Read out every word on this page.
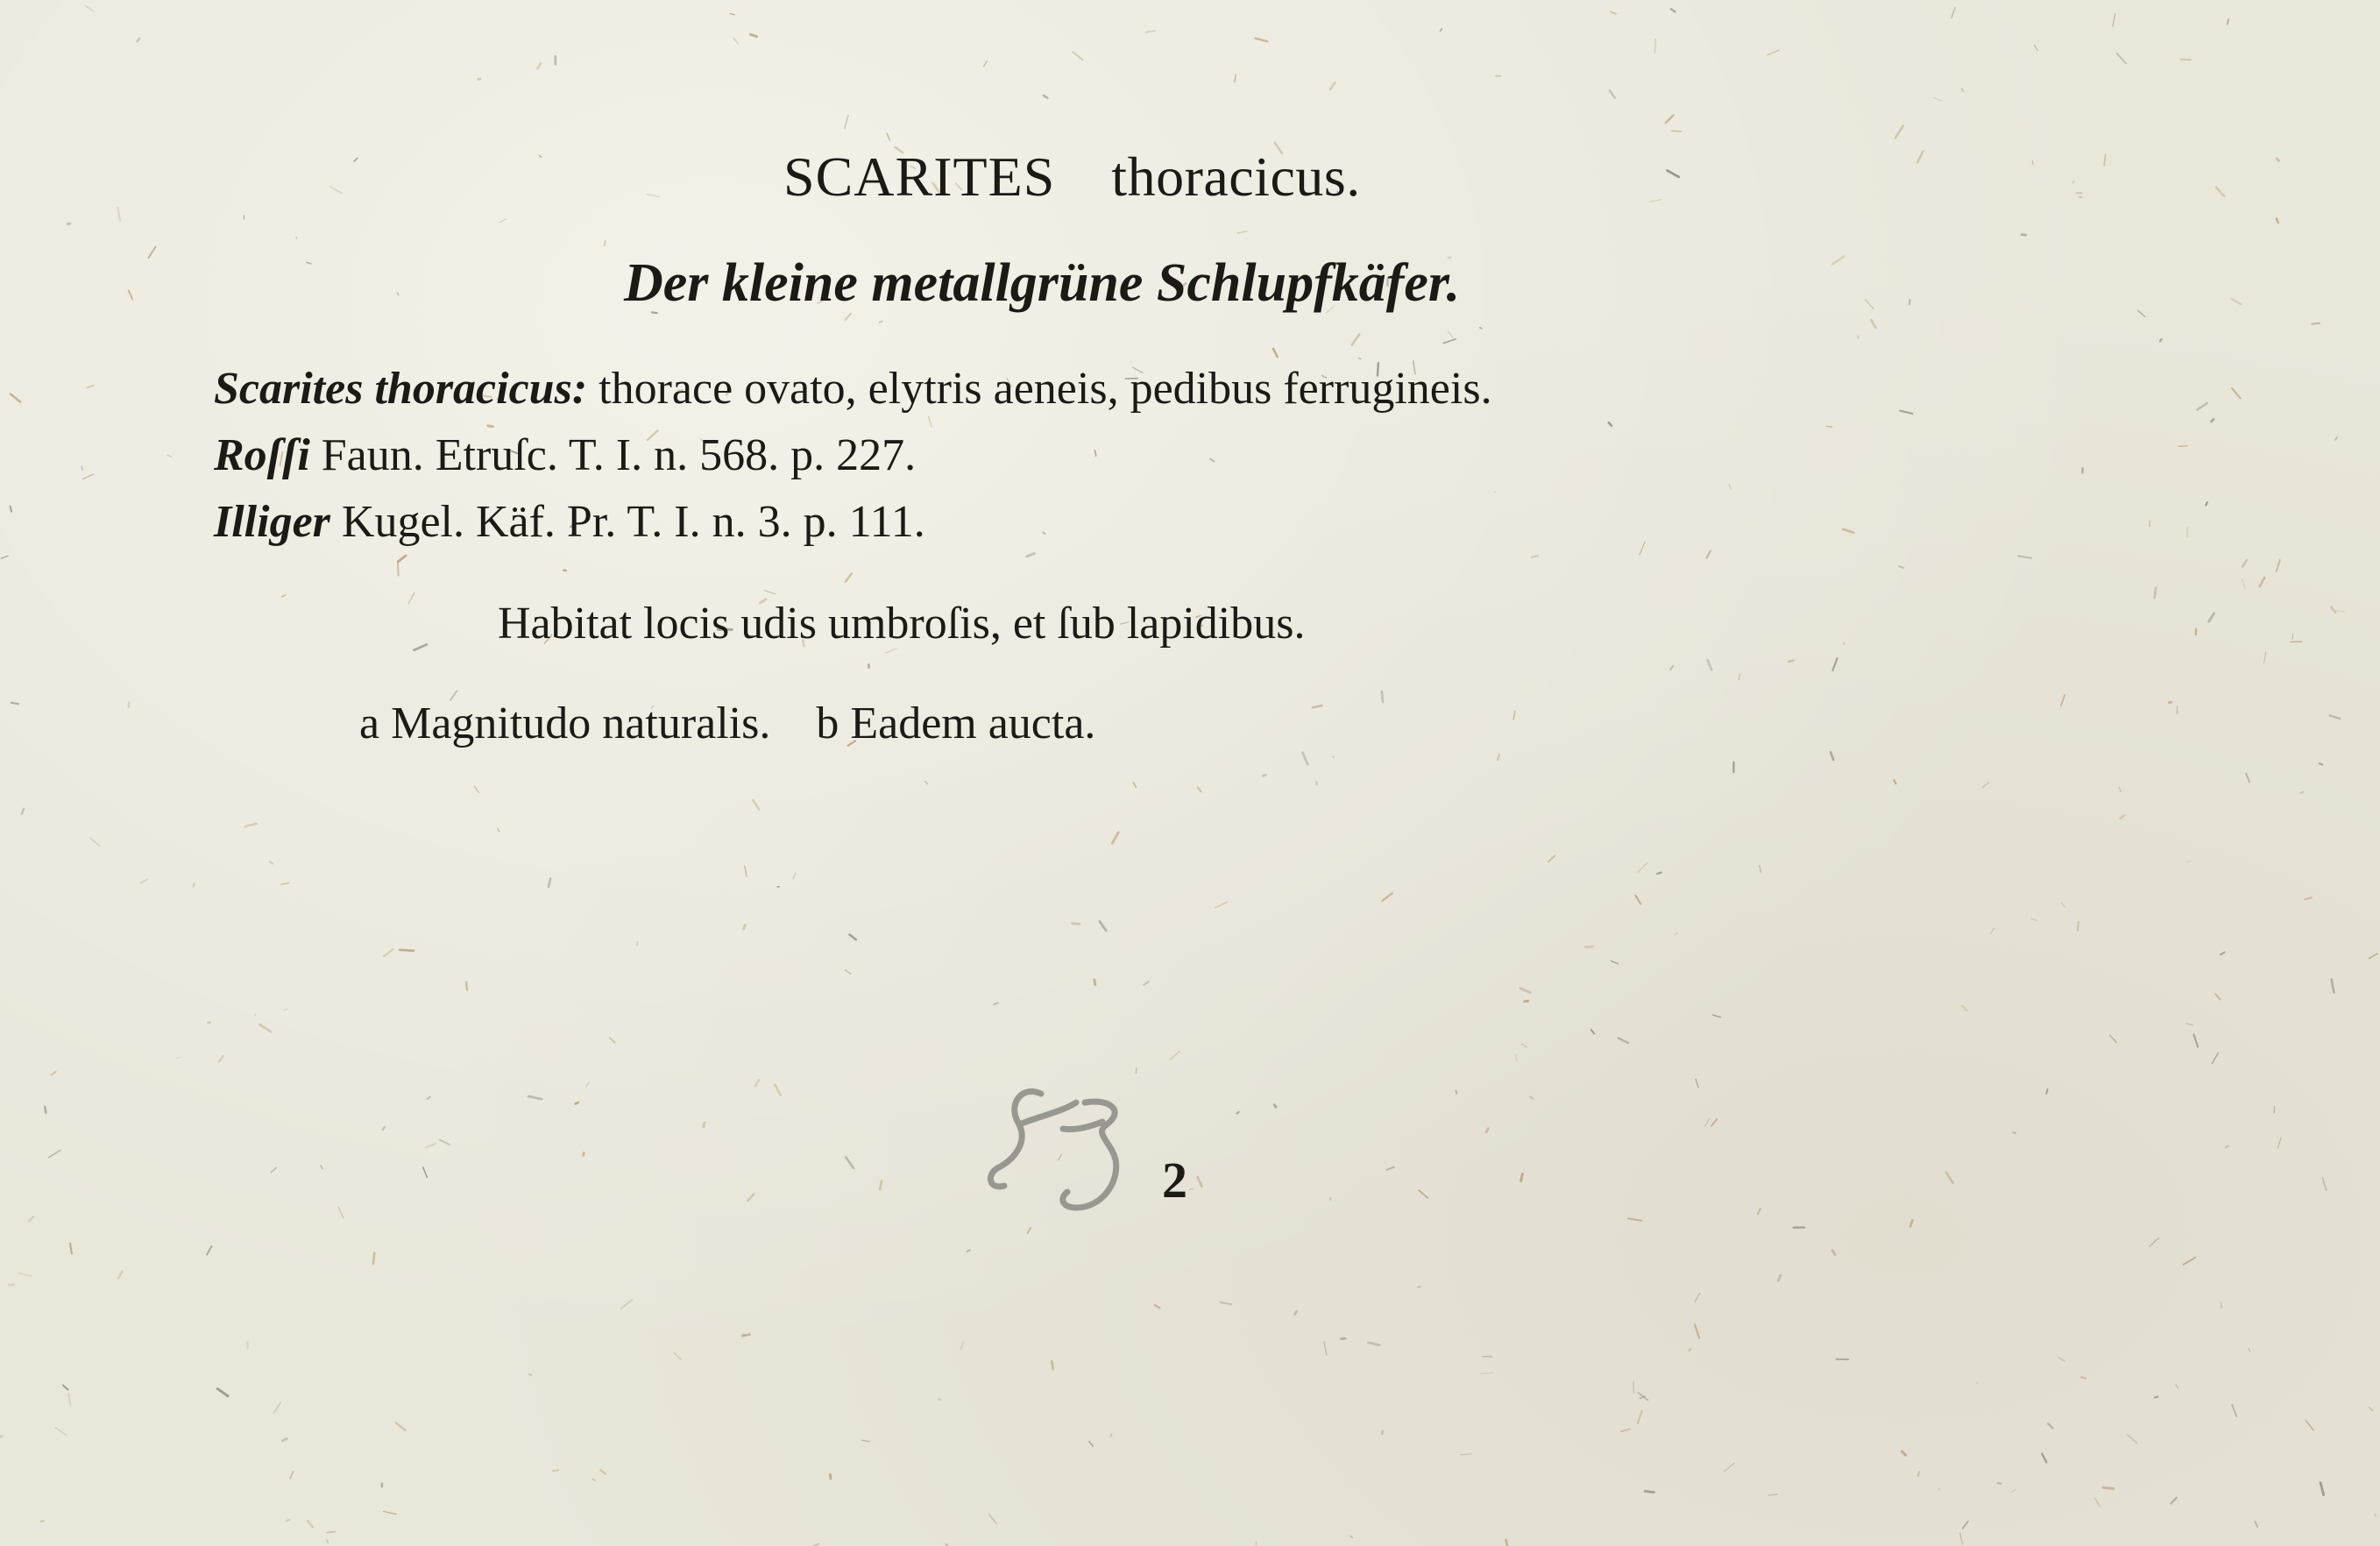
SCARITES thoracicus.
Der kleine metallgrüne Schlupfkäfer.
Scarites thoracicus: thorace ovato, elytris aeneis, pedibus ferrugineis.
Roſſi Faun. Etruſc. T. I. n. 568. p. 227.
Illiger Kugel. Käf. Pr. T. I. n. 3. p. 111.
Habitat locis udis umbroſis, et ſub lapidibus.
a Magnitudo naturalis. b Eadem aucta.
2
